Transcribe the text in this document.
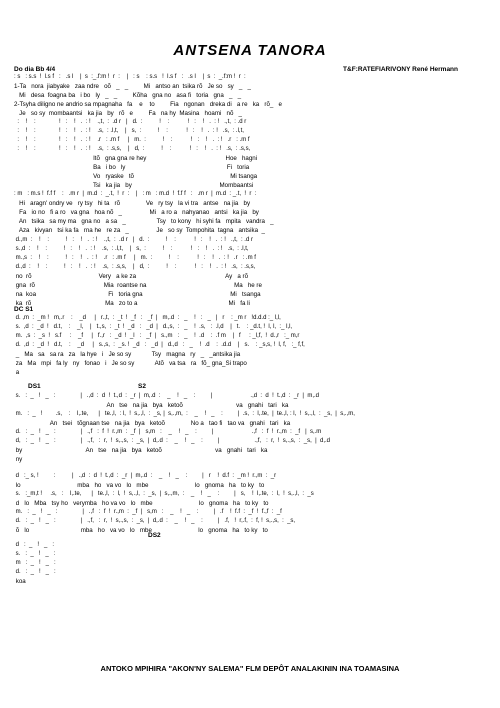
ANTSENA TANORA
Do dia Bb 4/4	T&F:RATEFIARIVONY René Hermann
: s   : s.s  !  l.s f   :   .s l    |  s  :_.f:m !  r  :    |   : s    : s.s   !  l.s f   :   .s l    |  s  :  _.f:m !  r  :
1-Ta   nora  jiabyake   zaa ndre   oõ   _   _         Mi   antso an  tsika rõ   Je so   sy   _   _
Mi   desa  foagna ba   i bo   ly   _   _         Kõha   gna no   asa fi   toria   gna   _   _
2-Tsyha diligno ne andrio sa mpagnaha   fa    e    to         Fia   ngonan   dreka di   a re   ka   rõ_   e
Je   so sy  mombaantsi   ka jia   by   rõ   e         Fa   na hy  Masina   hoami   nõ   _
:    !    :              !   :    !   .  : !    .,t,  :  .d r   |   d.  :          !    :           !   :    !   .  : !   .,t,  : .d r
:    !    :              !   :    !   .  : !    .s,  : .l,t,    |   s,  :          !    :           !   :    !   .  : !   .s,  : .l,t,
:    !    :              !   :    !   .  : !    .r   : .m f     |   m.  :          !    :           !   :    !   .  : !   .r   : .m f
:    !    :              !   :    !   .  : !    .s,  : .s,s,    |   d,  :          !    :           !   :    !   .  : !   .s,  : .s,s,
Itõ   gna gna re hey                                              Hoe   hagni
Ba   i bo   ly                                                           Fi   toria
Vo   ryaske   tõ                                                        Mi tsanga
Tsi   ka jia   by                                                   Mombaantsi
: m   : m.s !  f.f f    :   .m r  |  m.d  :  _.t,  !  r  :    |   : m   : m.d  !  f.f f   :   .m r  |  m.d  : _.t,  !  r  :
Hi   aragn' ondry ve   ry tsy   hi ta   rõ               Ve   ry tsy   la vi tra   antse   na jia   by
Fa   io no   fi a ro   va gna   hoa nõ   _                Mi   a ro a   nahyanao   antsi   ka jia   by
An   tsika   sa my ma   gna no   a sa   _                  Tsy   to kony   hi syhi fa   mpita   vandra   _
Aza   kivyan   tsi ka fa   rna he   re za   _                Je   so sy  Tompohita  tagna   antsika  _
d.,m  :    !    :          !   :    !   .  : !    .,t,  :  .d r   |   d.  :          !    :           !   :    !   .  : !   .,t,  : .d r
s.,d  :    !    :          !   :    !   .  : !    .s,  : .l,t,    |   s,  :          !    :           !   :    !   .  : !   .s,  : .l,t,
m.,s  :    !    :          !   :    !   .  : !    .r   : .m f     |   m.  :          !    :           !   :    !   .  : !   .r   : .m f
d.,d  :    !    :          !   :    !   .  : !    .s,  : .s,s,    |   d,  :          !    :           !   :    !   .  : !   .s,  : .s,s,
no  rõ                                       Very   a ke za                                                    Ay   a rõ
gna  rõ                                        Mia  roantse na                                                   Ma   he re
na  koa                                          Fi   toria gna                                                   Mi   tsanga
ka  rõ                                           Ma   zo to a                                                     Mi   fa li
DC S1
d. ,m  :  _m !   m,.r    :    _d     |   r.,t,  :  _t  !  _f   :   _f  |   m,.d  :   _    !   :   _   |   r    : _m r   !d.d.d :_ l,l,
s.  ,d  :  _d  !   d.t,    :    _l,    |   t.,s,  :  _t  !  _d   :   _d  |   d.,s,  :   _    !  .s,   :  .l,d    |   t.    : _d.t, !  l, l,  :_ l,l,
m.  ,s  :  _s  !   s.f     :    _f     |   f.,r   :  _d  !  _l   :   _f  |   s.,m   :   _    !  .d    :  .f m    |   f     : _l,f,  !  d.,r   :_ m,r
d.  ,d  :  _d  !   d.t,    :    _d     |   s.,s,  :  _s. !  _d   :   _d  |   d.,d   :   _    !  .d    :  .d.d    |   s.    : _s,s, !  l, f,   :_ f,f,
_   Ma   sa   sa ra   za   la hye   i   Je so sy            Tsy   magna   ry   _   _antsika jia
za   Ma   mpi   fa ly   ny   fonao   i   Je so sy            Atõ   va tsa   ra   fõ_ gna_Si trapo
a
DS1	S2
s.   :  _   !   _   :               |   .,d  :  d  !  t.,d  :  _r  |  m,.d  :    _    !   _    :         |                       .,d  :  d  !  t.,d  :  _r  |  m,.d
An   tse   na jia   bya   ketoõ                               va   gnahi   tari   ka
m.   :  _   !        .s,    :    l,.te,      |   te.,l,  : l,  !  s,.,l,  :  _s, |  s,.,m,  :    _    !   _    :         |  .s,  :  l,.te,  |  te.,l, : l,  !  s,.,l,  :  _s,  |  s,.,m,
An   tsei   tõgnaan tse   na jia   bya   ketoõ               No a   tao fi   tao va   gnahi   tari   ka
d.   :  _   !   _   :               |   .,f   :  f  !  r.,m  :  _f  |   s,m   :    _    !   _    :         |                       .,f   :  f  !  r.,m  :  _f   |  s,.m
d,   :  _   !   _   :               |   .,f,   :  r,  !  s,.,s,  :  _s,  |  d,.d  :    _    !   _    :         |                     .,f,   :  r,  !  s,.,s,  :  _s,  |  d,.d
by                                     An   tse   na jia   bya   ketoõ                               va   gnahi   tari   ka
ny
d   :_ s, !         :          |   .,d  :  d  !  t.,d  :  _r  |  m,.d  :    _    !   _    :         |   r    !  d.f  :  _m !  r.,m  :  _r
lo                                 mba   ho   va vo   lo   mbe                           lo   gnoma   ha   to ky   to
s.   :_m,t !     .s,   :    l,.te,      |   te.,l,  :  l,  !  s,.,l,  :  _s,  |  s,.,m,  :    _    !   _    :         |   s,    !  l,.te,  :  l,  !  s,.,l,  :  _s
d   lo   Mba   tsy ho   verymba   ho va vo   lo   mbe                           lo   gnoma   ha   to ky   to
m.   :  _   !   _   :               |   .,f   :  f  !  r.,m  :  _f  |   s,m   :    _    !   _    :         |   .f    !  f.f  :  _f  !  f.,f  :  _f
d.   :  _   !   _   :               |   .,f,   :  r,  !  s,.,s,  :  _s,  |  d,.d  :    _    !   _    :         |   .f,   !  r,.f,  :  f, !  s,.,s,  :  _s,
õ   lo                              mba   ho   va vo   lo   mbe                           lo   gnoma   ha   to ky   to
DS2
d   :  _   !   _   :
s.   :  _   !   _   :
m   :  _   !   _   :
d.   :  _   !   _   :
koa
ANTOKO MPIHIRA "AKON'NY SALEMA" FLM DEPÔT ANALAKININ INA TOAMASINA
